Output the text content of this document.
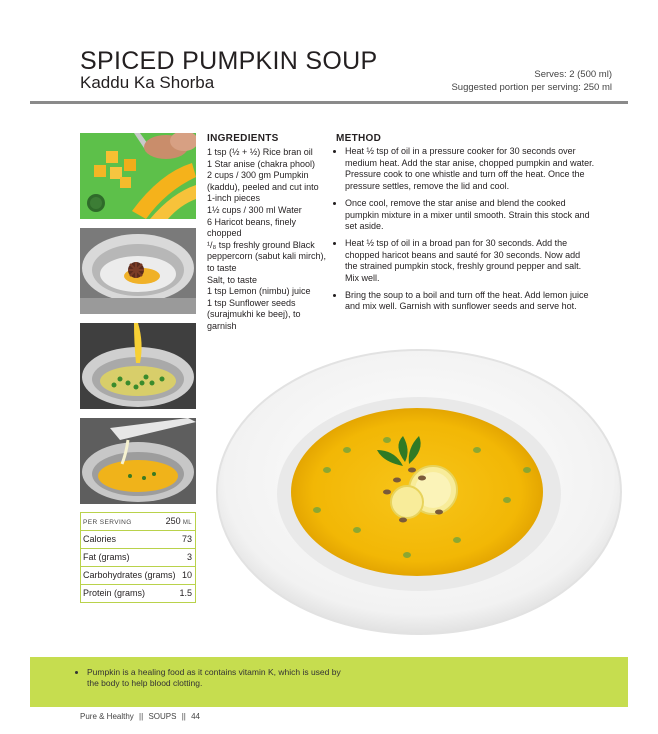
SPICED PUMPKIN SOUP
Kaddu Ka Shorba	Serves: 2 (500 ml)
Suggested portion per serving: 250 ml
INGREDIENTS
1 tsp (½ + ½) Rice bran oil
1 Star anise (chakra phool)
2 cups / 300 gm Pumpkin
(kaddu), peeled and cut into
1-inch pieces
1½ cups / 300 ml Water
6 Haricot beans, finely chopped
¹/₈ tsp freshly ground Black
peppercorn (sabut kali mirch),
to taste
Salt, to taste
1 tsp Lemon (nimbu) juice
1 tsp Sunflower seeds
(surajmukhi ke beej), to garnish
METHOD
• Heat ½ tsp of oil in a pressure cooker for 30 seconds over medium heat. Add the star anise, chopped pumpkin and water. Pressure cook to one whistle and turn off the heat. Once the pressure settles, remove the lid and cool.
• Once cool, remove the star anise and blend the cooked pumpkin mixture in a mixer until smooth. Strain this stock and set aside.
• Heat ½ tsp of oil in a broad pan for 30 seconds. Add the chopped haricot beans and sauté for 30 seconds. Now add the strained pumpkin stock, freshly ground pepper and salt. Mix well.
• Bring the soup to a boil and turn off the heat. Add lemon juice and mix well. Garnish with sunflower seeds and serve hot.
PER SERVING	250 ML
Calories	73
Fat (grams)	3
Carbohydrates (grams) 10
Protein (grams)	1.5
• Pumpkin is a healing food as it contains vitamin K, which is used by the body to help blood clotting.
Pure & Healthy || SOUPS || 44
